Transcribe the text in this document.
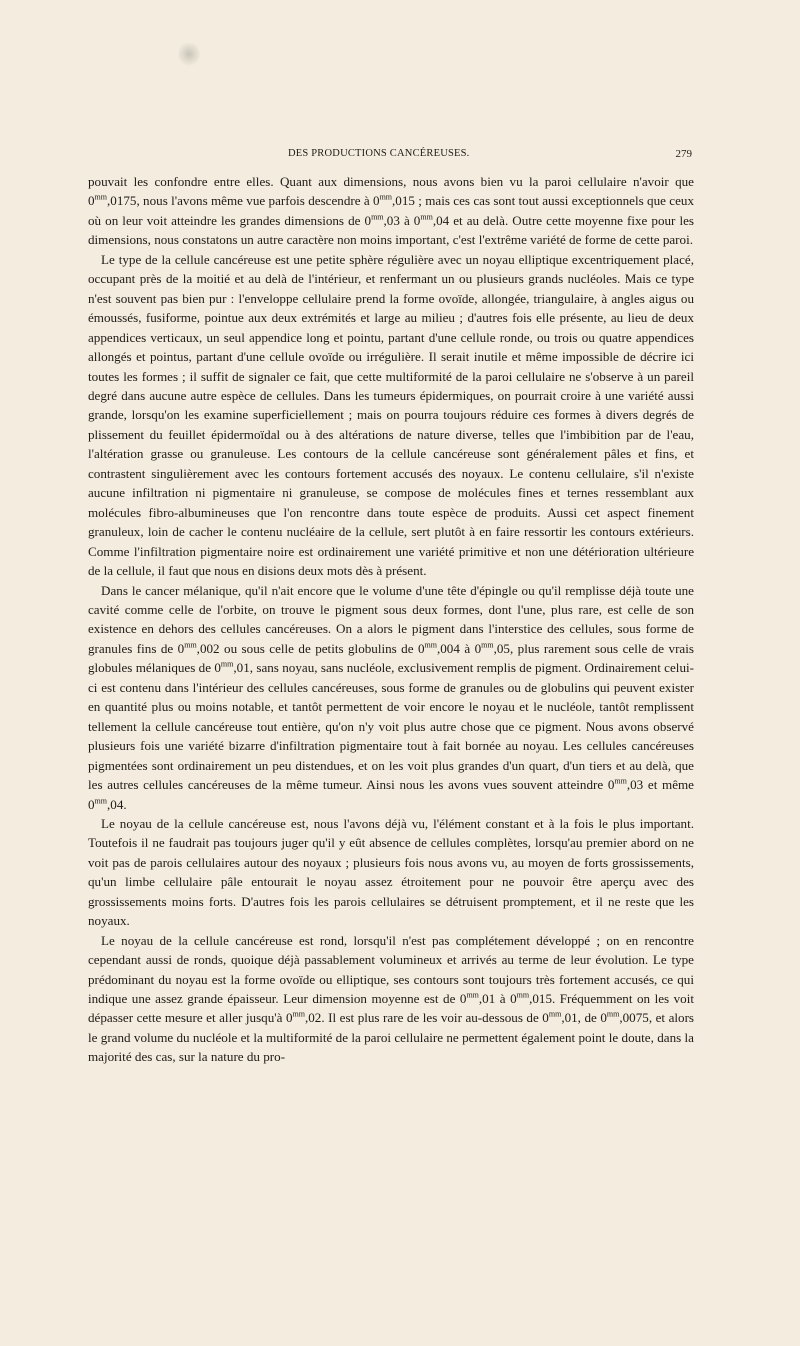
DES PRODUCTIONS CANCÉREUSES.	279

pouvait les confondre entre elles. Quant aux dimensions, nous avons bien vu la paroi cellulaire n'avoir que $0^{mm},0175$, nous l'avons même vue parfois descendre à $0^{mm},015$ ; mais ces cas sont tout aussi exceptionnels que ceux où on leur voit atteindre les grandes dimensions de $0^{mm},03$ à $0^{mm},04$ et au delà. Outre cette moyenne fixe pour les dimensions, nous constatons un autre caractère non moins important, c'est l'extrême variété de forme de cette paroi.

Le type de la cellule cancéreuse est une petite sphère régulière avec un noyau elliptique excentriquement placé, occupant près de la moitié et au delà de l'intérieur, et renfermant un ou plusieurs grands nucléoles. Mais ce type n'est souvent pas bien pur : l'enveloppe cellulaire prend la forme ovoïde, allongée, triangulaire, à angles aigus ou émoussés, fusiforme, pointue aux deux extrémités et large au milieu ; d'autres fois elle présente, au lieu de deux appendices verticaux, un seul appendice long et pointu, partant d'une cellule ronde, ou trois ou quatre appendices allongés et pointus, partant d'une cellule ovoïde ou irrégulière. Il serait inutile et même impossible de décrire ici toutes les formes ; il suffit de signaler ce fait, que cette multiformité de la paroi cellulaire ne s'observe à un pareil degré dans aucune autre espèce de cellules. Dans les tumeurs épidermiques, on pourrait croire à une variété aussi grande, lorsqu'on les examine superficiellement ; mais on pourra toujours réduire ces formes à divers degrés de plissement du feuillet épidermoïdal ou à des altérations de nature diverse, telles que l'imbibition par de l'eau, l'altération grasse ou granuleuse. Les contours de la cellule cancéreuse sont généralement pâles et fins, et contrastent singulièrement avec les contours fortement accusés des noyaux. Le contenu cellulaire, s'il n'existe aucune infiltration ni pigmentaire ni granuleuse, se compose de molécules fines et ternes ressemblant aux molécules fibro-albumineuses que l'on rencontre dans toute espèce de produits. Aussi cet aspect finement granuleux, loin de cacher le contenu nucléaire de la cellule, sert plutôt à en faire ressortir les contours extérieurs. Comme l'infiltration pigmentaire noire est ordinairement une variété primitive et non une détérioration ultérieure de la cellule, il faut que nous en disions deux mots dès à présent.

Dans le cancer mélanique, qu'il n'ait encore que le volume d'une tête d'épingle ou qu'il remplisse déjà toute une cavité comme celle de l'orbite, on trouve le pigment sous deux formes, dont l'une, plus rare, est celle de son existence en dehors des cellules cancéreuses. On a alors le pigment dans l'interstice des cellules, sous forme de granules fins de $0^{mm},002$ ou sous celle de petits globulins de $0^{mm},004$ à $0^{mm},05$, plus rarement sous celle de vrais globules mélaniques de $0^{mm},01$, sans noyau, sans nucléole, exclusivement remplis de pigment. Ordinairement celui-ci est contenu dans l'intérieur des cellules cancéreuses, sous forme de granules ou de globulins qui peuvent exister en quantité plus ou moins notable, et tantôt permettent de voir encore le noyau et le nucléole, tantôt remplissent tellement la cellule cancéreuse tout entière, qu'on n'y voit plus autre chose que ce pigment. Nous avons observé plusieurs fois une variété bizarre d'infiltration pigmentaire tout à fait bornée au noyau. Les cellules cancéreuses pigmentées sont ordinairement un peu distendues, et on les voit plus grandes d'un quart, d'un tiers et au delà, que les autres cellules cancéreuses de la même tumeur. Ainsi nous les avons vues souvent atteindre $0^{mm},03$ et même $0^{mm},04$.

Le noyau de la cellule cancéreuse est, nous l'avons déjà vu, l'élément constant et à la fois le plus important. Toutefois il ne faudrait pas toujours juger qu'il y eût absence de cellules complètes, lorsqu'au premier abord on ne voit pas de parois cellulaires autour des noyaux ; plusieurs fois nous avons vu, au moyen de forts grossissements, qu'un limbe cellulaire pâle entourait le noyau assez étroitement pour ne pouvoir être aperçu avec des grossissements moins forts. D'autres fois les parois cellulaires se détruisent promptement, et il ne reste que les noyaux.

Le noyau de la cellule cancéreuse est rond, lorsqu'il n'est pas complétement développé ; on en rencontre cependant aussi de ronds, quoique déjà passablement volumineux et arrivés au terme de leur évolution. Le type prédominant du noyau est la forme ovoïde ou elliptique, ses contours sont toujours très fortement accusés, ce qui indique une assez grande épaisseur. Leur dimension moyenne est de $0^{mm},01$ à $0^{mm},015$. Fréquemment on les voit dépasser cette mesure et aller jusqu'à $0^{mm},02$. Il est plus rare de les voir au-dessous de $0^{mm},01$, de $0^{mm},0075$, et alors le grand volume du nucléole et la multiformité de la paroi cellulaire ne permettent également point le doute, dans la majorité des cas, sur la nature du pro-
